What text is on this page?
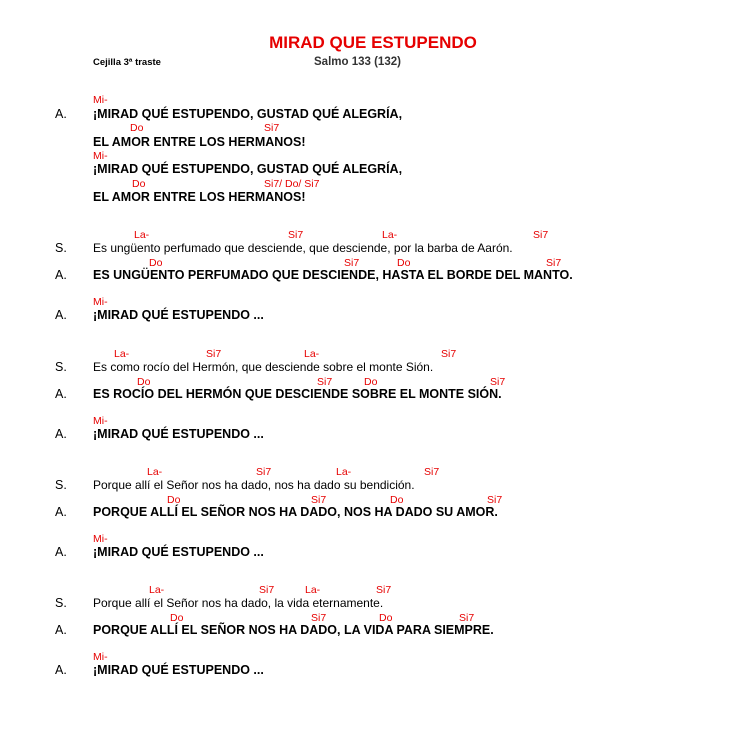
MIRAD QUE ESTUPENDO
Cejilla 3ª traste	Salmo 133 (132)
Mi-
Do	Si7
Mi-
Do	Si7/ Do/ Si7
La-	Si7	La-	Si7
Do	Si7	Do	Si7
Mi-
La-	Si7	La-	Si7
Do	Si7	Do	Si7
Mi-
La-	Si7	La-	Si7
Do	Si7	Do	Si7
Mi-
La-	Si7	La-	Si7
Do	Si7	Do	Si7
Mi-
A. ¡MIRAD QUÉ ESTUPENDO, GUSTAD QUÉ ALEGRÍA,
EL AMOR ENTRE LOS HERMANOS!
¡MIRAD QUÉ ESTUPENDO, GUSTAD QUÉ ALEGRÍA,
EL AMOR ENTRE LOS HERMANOS!
S. Es ungüento perfumado que desciende, que desciende, por la barba de Aarón.
A. ES UNGÜENTO PERFUMADO QUE DESCIENDE, HASTA EL BORDE DEL MANTO.
A. ¡MIRAD QUÉ ESTUPENDO ...
S. Es como rocío del Hermón, que desciende sobre el monte Sión.
A. ES ROCÍO DEL HERMÓN QUE DESCIENDE SOBRE EL MONTE SIÓN.
A. ¡MIRAD QUÉ ESTUPENDO ...
S. Porque allí el Señor nos ha dado, nos ha dado su bendición.
A. PORQUE ALLÍ EL SEÑOR NOS HA DADO, NOS HA DADO SU AMOR.
A. ¡MIRAD QUÉ ESTUPENDO ...
S. Porque allí el Señor nos ha dado, la vida eternamente.
A. PORQUE ALLÍ EL SEÑOR NOS HA DADO, LA VIDA PARA SIEMPRE.
A. ¡MIRAD QUÉ ESTUPENDO ...
